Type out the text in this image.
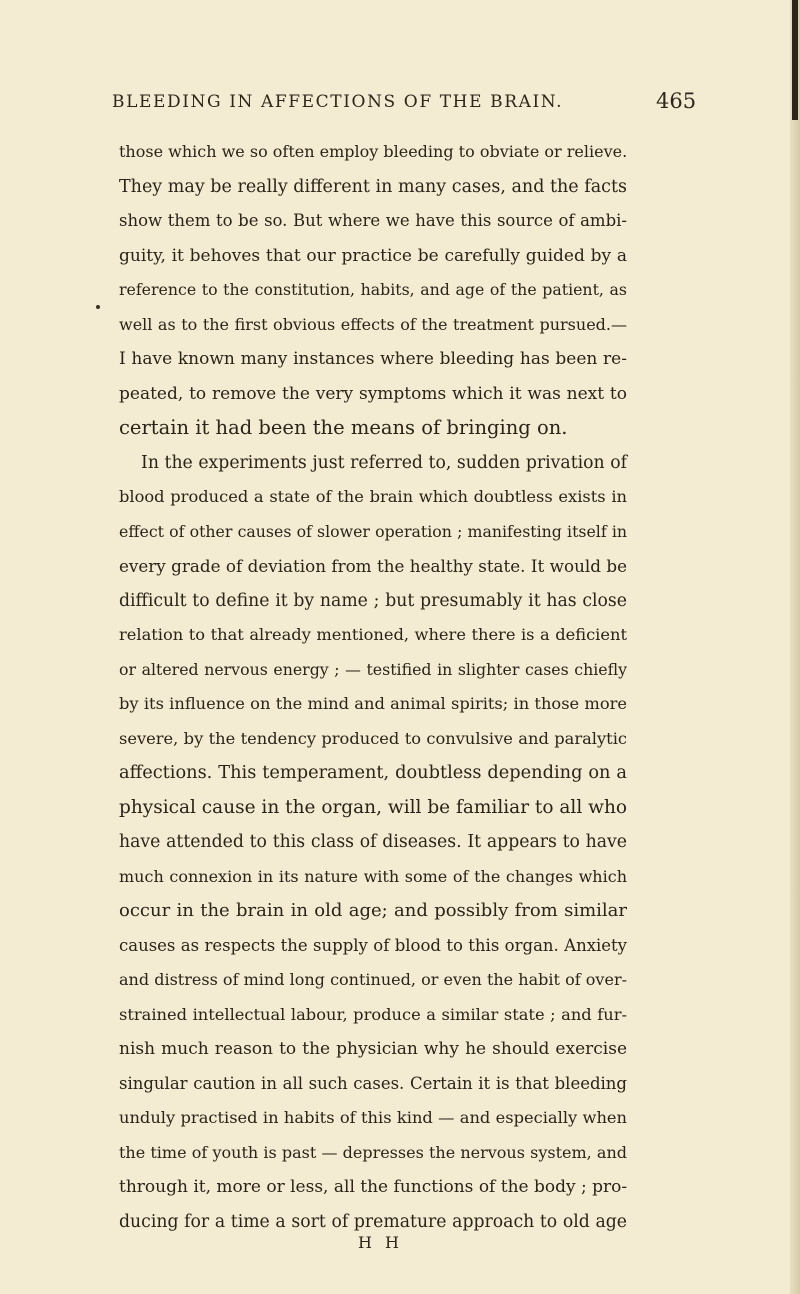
BLEEDING IN AFFECTIONS OF THE BRAIN.	465
those which we so often employ bleeding to obviate or relieve.
They may be really different in many cases, and the facts
show them to be so. But where we have this source of ambi-
guity, it behoves that our practice be carefully guided by a
reference to the constitution, habits, and age of the patient, as
well as to the first obvious effects of the treatment pursued.—
I have known many instances where bleeding has been re-
peated, to remove the very symptoms which it was next to
certain it had been the means of bringing on.
In the experiments just referred to, sudden privation of
blood produced a state of the brain which doubtless exists in
effect of other causes of slower operation ; manifesting itself in
every grade of deviation from the healthy state. It would be
difficult to define it by name ; but presumably it has close
relation to that already mentioned, where there is a deficient
or altered nervous energy ; — testified in slighter cases chiefly
by its influence on the mind and animal spirits; in those more
severe, by the tendency produced to convulsive and paralytic
affections. This temperament, doubtless depending on a
physical cause in the organ, will be familiar to all who
have attended to this class of diseases. It appears to have
much connexion in its nature with some of the changes which
occur in the brain in old age; and possibly from similar
causes as respects the supply of blood to this organ. Anxiety
and distress of mind long continued, or even the habit of over-
strained intellectual labour, produce a similar state ; and fur-
nish much reason to the physician why he should exercise
singular caution in all such cases. Certain it is that bleeding
unduly practised in habits of this kind — and especially when
the time of youth is past — depresses the nervous system, and
through it, more or less, all the functions of the body ; pro-
ducing for a time a sort of premature approach to old age
H H
